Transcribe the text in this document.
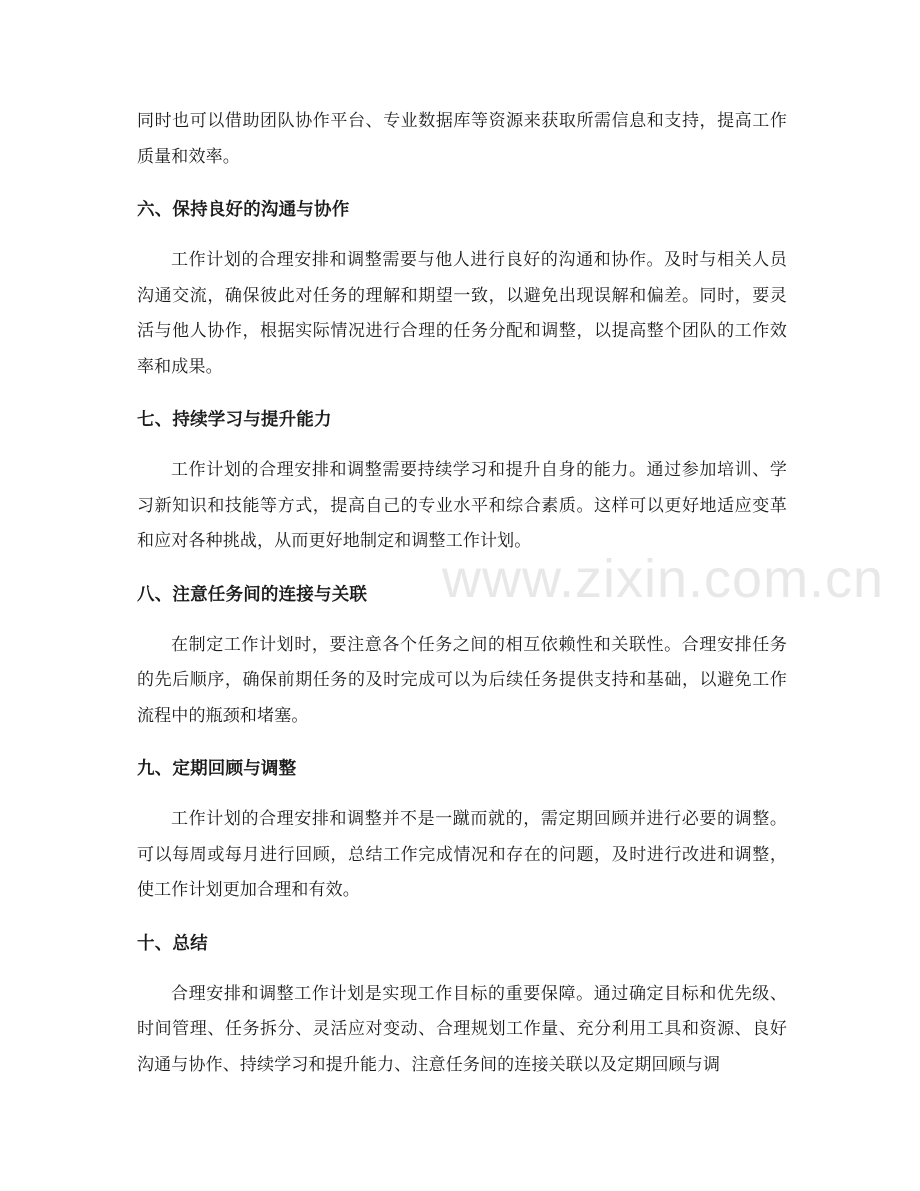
www.zixin.com.cn

同时也可以借助团队协作平台、专业数据库等资源来获取所需信息和支持，提高工作质量和效率。

六、保持良好的沟通与协作

工作计划的合理安排和调整需要与他人进行良好的沟通和协作。及时与相关人员沟通交流，确保彼此对任务的理解和期望一致，以避免出现误解和偏差。同时，要灵活与他人协作，根据实际情况进行合理的任务分配和调整，以提高整个团队的工作效率和成果。

七、持续学习与提升能力

工作计划的合理安排和调整需要持续学习和提升自身的能力。通过参加培训、学习新知识和技能等方式，提高自己的专业水平和综合素质。这样可以更好地适应变革和应对各种挑战，从而更好地制定和调整工作计划。

八、注意任务间的连接与关联

在制定工作计划时，要注意各个任务之间的相互依赖性和关联性。合理安排任务的先后顺序，确保前期任务的及时完成可以为后续任务提供支持和基础，以避免工作流程中的瓶颈和堵塞。

九、定期回顾与调整

工作计划的合理安排和调整并不是一蹴而就的，需定期回顾并进行必要的调整。可以每周或每月进行回顾，总结工作完成情况和存在的问题，及时进行改进和调整，使工作计划更加合理和有效。

十、总结

合理安排和调整工作计划是实现工作目标的重要保障。通过确定目标和优先级、时间管理、任务拆分、灵活应对变动、合理规划工作量、充分利用工具和资源、良好沟通与协作、持续学习和提升能力、注意任务间的连接关联以及定期回顾与调
